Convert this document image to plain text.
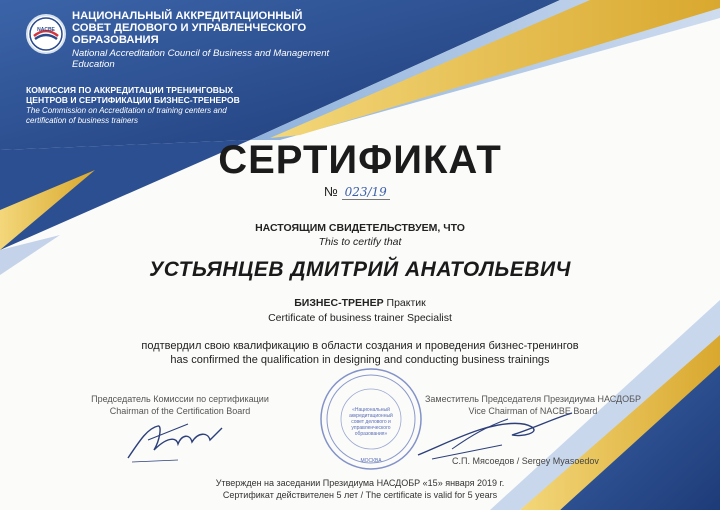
NACBE

НАЦИОНАЛЬНЫЙ АККРЕДИТАЦИОННЫЙ СОВЕТ ДЕЛОВОГО И УПРАВЛЕНЧЕСКОГО ОБРАЗОВАНИЯ

National Accreditation Council of Business and Management Education

КОМИССИЯ ПО АККРЕДИТАЦИИ ТРЕНИНГОВЫХ ЦЕНТРОВ И СЕРТИФИКАЦИИ БИЗНЕС-ТРЕНЕРОВ

The Commission on Accreditation of training centers and certification of business trainers

СЕРТИФИКАТ
№ 023/19
НАСТОЯЩИМ СВИДЕТЕЛЬСТВУЕМ, ЧТО
This to certify that
УСТЬЯНЦЕВ ДМИТРИЙ АНАТОЛЬЕВИЧ
БИЗНЕС-ТРЕНЕР Практик
Certificate of business trainer Specialist
подтвердил свою квалификацию в области создания и проведения бизнес-тренингов
has confirmed the qualification in designing and conducting business trainings
Председатель Комиссии по сертификации
Chairman of the Certification Board	«Национальный
аккредитационный
совет делового и
управленческого
образования»
МОСКВА
Заместитель Председателя Президиума НАСДОБР
Vice Chairman of NACBE Board
С.П. Мясоедов / Sergey Myasoedov
Утвержден на заседании Президиума НАСДОБР «15» января 2019 г.
Сертификат действителен 5 лет / The certificate is valid for 5 years
